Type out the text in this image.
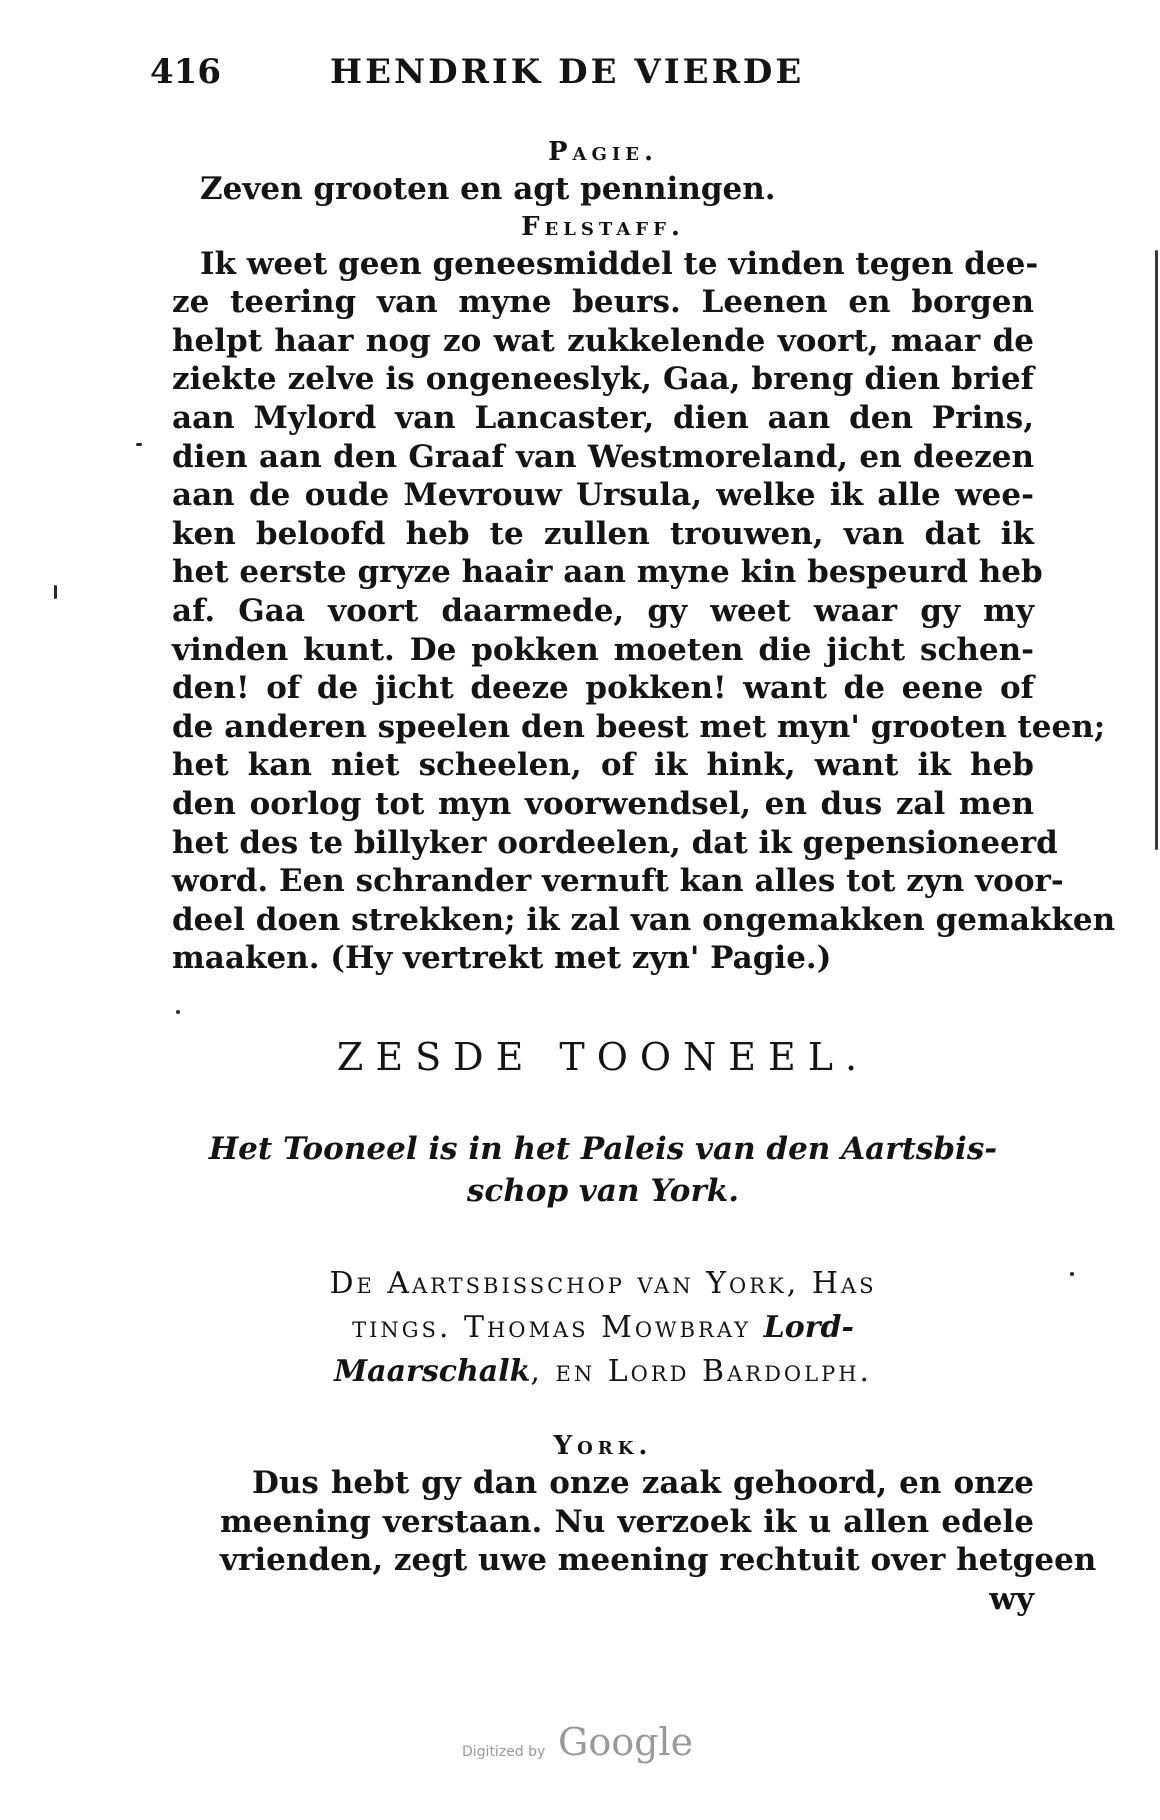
416	HENDRIK DE VIERDE
Pagie.
Zeven grooten en agt penningen.
Felstaff.
Ik weet geen geneesmiddel te vinden tegen dee-
ze teering van myne beurs. Leenen en borgen
helpt haar nog zo wat zukkelende voort, maar de
ziekte zelve is ongeneeslyk, Gaa, breng dien brief
aan Mylord van Lancaster, dien aan den Prins,
dien aan den Graaf van Westmoreland, en deezen
aan de oude Mevrouw Ursula, welke ik alle wee-
ken beloofd heb te zullen trouwen, van dat ik
het eerste gryze haair aan myne kin bespeurd heb
af. Gaa voort daarmede, gy weet waar gy my
vinden kunt. De pokken moeten die jicht schen-
den! of de jicht deeze pokken! want de eene of
de anderen speelen den beest met myn' grooten teen;
het kan niet scheelen, of ik hink, want ik heb
den oorlog tot myn voorwendsel, en dus zal men
het des te billyker oordeelen, dat ik gepensioneerd
word. Een schrander vernuft kan alles tot zyn voor-
deel doen strekken; ik zal van ongemakken gemakken
maaken. (Hy vertrekt met zyn' Pagie.)
ZESDE TOONEEL.
Het Tooneel is in het Paleis van den Aartsbis-
schop van York.
De Aartsbisschop van York, Has
tings. Thomas Mowbray Lord-
Maarschalk, en Lord Bardolph.
York.
Dus hebt gy dan onze zaak gehoord, en onze
meening verstaan. Nu verzoek ik u allen edele
vrienden, zegt uwe meening rechtuit over hetgeen
wy
Digitized by Google
